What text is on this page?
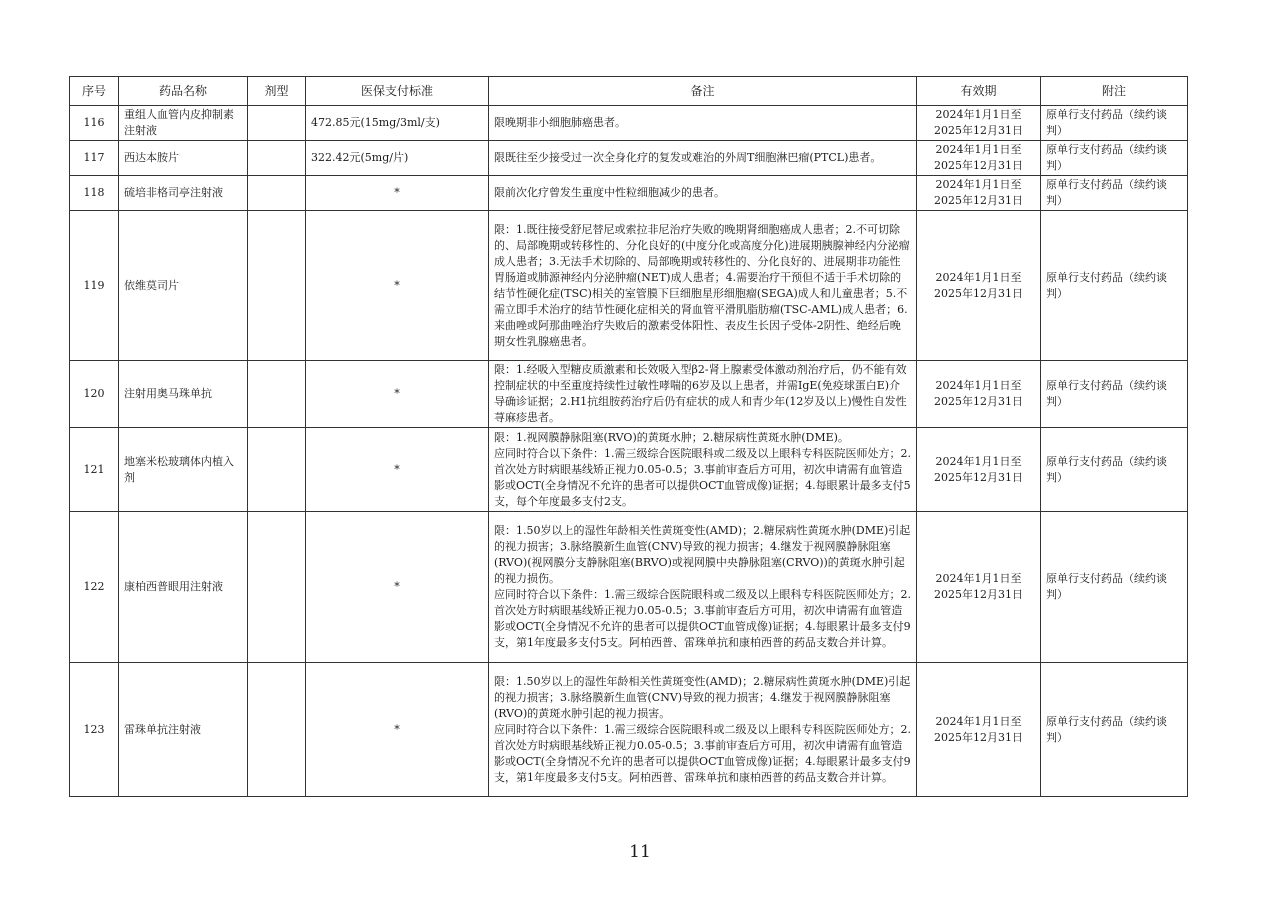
序号	药品名称	剂型	医保支付标准	备注	有效期	附注
116	重组人血管内皮抑制素注射液		472.85元(15mg/3ml/支)	限晚期非小细胞肺癌患者。	2024年1月1日至2025年12月31日	原单行支付药品（续约谈判）
117	西达本胺片		322.42元(5mg/片)	限既往至少接受过一次全身化疗的复发或难治的外周T细胞淋巴瘤(PTCL)患者。	2024年1月1日至2025年12月31日	原单行支付药品（续约谈判）
118	硫培非格司亭注射液		*	限前次化疗曾发生重度中性粒细胞减少的患者。	2024年1月1日至2025年12月31日	原单行支付药品（续约谈判）
119	依维莫司片		*	限：1.既往接受舒尼替尼或索拉非尼治疗失败的晚期肾细胞癌成人患者；2.不可切除的、局部晚期或转移性的、分化良好的(中度分化或高度分化)进展期胰腺神经内分泌瘤成人患者；3.无法手术切除的、局部晚期或转移性的、分化良好的、进展期非功能性胃肠道或肺源神经内分泌肿瘤(NET)成人患者；4.需要治疗干预但不适于手术切除的结节性硬化症(TSC)相关的室管膜下巨细胞星形细胞瘤(SEGA)成人和儿童患者；5.不需立即手术治疗的结节性硬化症相关的肾血管平滑肌脂肪瘤(TSC-AML)成人患者；6.来曲唑或阿那曲唑治疗失败后的激素受体阳性、表皮生长因子受体-2阴性、绝经后晚期女性乳腺癌患者。	2024年1月1日至2025年12月31日	原单行支付药品（续约谈判）
120	注射用奥马珠单抗		*	限：1.经吸入型糖皮质激素和长效吸入型β2-肾上腺素受体激动剂治疗后，仍不能有效控制症状的中至重度持续性过敏性哮喘的6岁及以上患者，并需IgE(免疫球蛋白E)介导确诊证据；2.H1抗组胺药治疗后仍有症状的成人和青少年(12岁及以上)慢性自发性荨麻疹患者。	2024年1月1日至2025年12月31日	原单行支付药品（续约谈判）
121	地塞米松玻璃体内植入剂		*	限：1.视网膜静脉阻塞(RVO)的黄斑水肿；2.糖尿病性黄斑水肿(DME)。
应同时符合以下条件：1.需三级综合医院眼科或二级及以上眼科专科医院医师处方；2.首次处方时病眼基线矫正视力0.05-0.5；3.事前审查后方可用，初次申请需有血管造影或OCT(全身情况不允许的患者可以提供OCT血管成像)证据；4.每眼累计最多支付5支，每个年度最多支付2支。	2024年1月1日至2025年12月31日	原单行支付药品（续约谈判）
122	康柏西普眼用注射液		*	限：1.50岁以上的湿性年龄相关性黄斑变性(AMD)；2.糖尿病性黄斑水肿(DME)引起的视力损害；3.脉络膜新生血管(CNV)导致的视力损害；4.继发于视网膜静脉阻塞(RVO)(视网膜分支静脉阻塞(BRVO)或视网膜中央静脉阻塞(CRVO))的黄斑水肿引起的视力损伤。
应同时符合以下条件：1.需三级综合医院眼科或二级及以上眼科专科医院医师处方；2.首次处方时病眼基线矫正视力0.05-0.5；3.事前审查后方可用，初次申请需有血管造影或OCT(全身情况不允许的患者可以提供OCT血管成像)证据；4.每眼累计最多支付9支，第1年度最多支付5支。阿柏西普、雷珠单抗和康柏西普的药品支数合并计算。	2024年1月1日至2025年12月31日	原单行支付药品（续约谈判）
123	雷珠单抗注射液		*	限：1.50岁以上的湿性年龄相关性黄斑变性(AMD)；2.糖尿病性黄斑水肿(DME)引起的视力损害；3.脉络膜新生血管(CNV)导致的视力损害；4.继发于视网膜静脉阻塞(RVO)的黄斑水肿引起的视力损害。
应同时符合以下条件：1.需三级综合医院眼科或二级及以上眼科专科医院医师处方；2.首次处方时病眼基线矫正视力0.05-0.5；3.事前审查后方可用，初次申请需有血管造影或OCT(全身情况不允许的患者可以提供OCT血管成像)证据；4.每眼累计最多支付9支，第1年度最多支付5支。阿柏西普、雷珠单抗和康柏西普的药品支数合并计算。	2024年1月1日至2025年12月31日	原单行支付药品（续约谈判）
11
